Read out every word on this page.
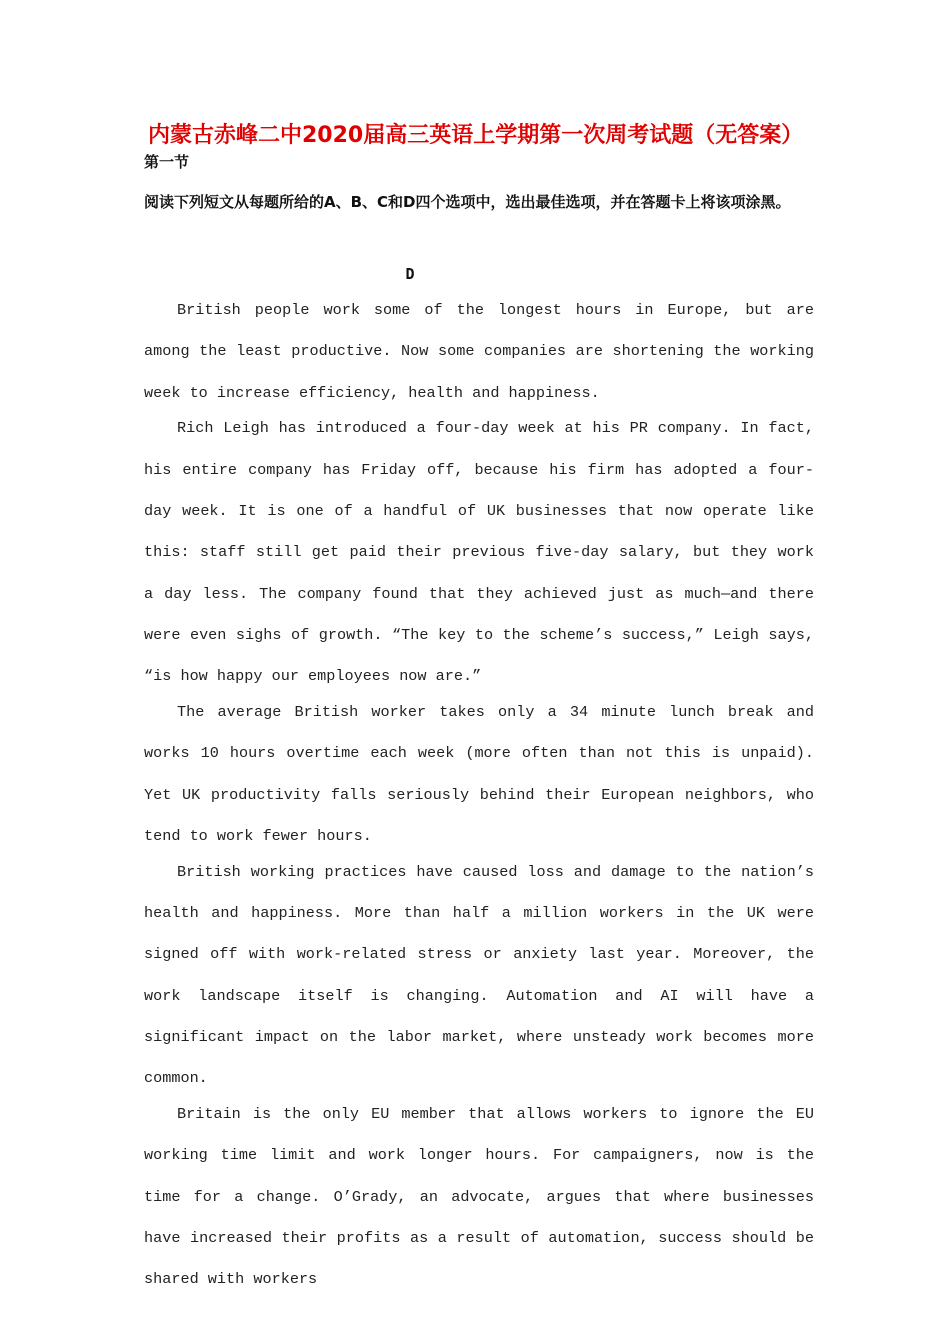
内蒙古赤峰二中2020届高三英语上学期第一次周考试题（无答案）
第一节
阅读下列短文从每题所给的A、B、C和D四个选项中，选出最佳选项，并在答题卡上将该项涂黑。
D

British people work some of the longest hours in Europe, but are among the least productive. Now some companies are shortening the working week to increase efficiency, health and happiness.

Rich Leigh has introduced a four-day week at his PR company. In fact, his entire company has Friday off, because his firm has adopted a four-day week. It is one of a handful of UK businesses that now operate like this: staff still get paid their previous five-day salary, but they work a day less. The company found that they achieved just as much—and there were even sighs of growth. “The key to the scheme’s success,” Leigh says, “is how happy our employees now are.”

The average British worker takes only a 34 minute lunch break and works 10 hours overtime each week (more often than not this is unpaid). Yet UK productivity falls seriously behind their European neighbors, who tend to work fewer hours.

British working practices have caused loss and damage to the nation’s health and happiness. More than half a million workers in the UK were signed off with work-related stress or anxiety last year. Moreover, the work landscape itself is changing. Automation and AI will have a significant impact on the labor market, where unsteady work becomes more common.

Britain is the only EU member that allows workers to ignore the EU working time limit and work longer hours. For campaigners, now is the time for a change. O’Grady, an advocate, argues that where businesses have increased their profits as a result of automation, success should be shared with workers
